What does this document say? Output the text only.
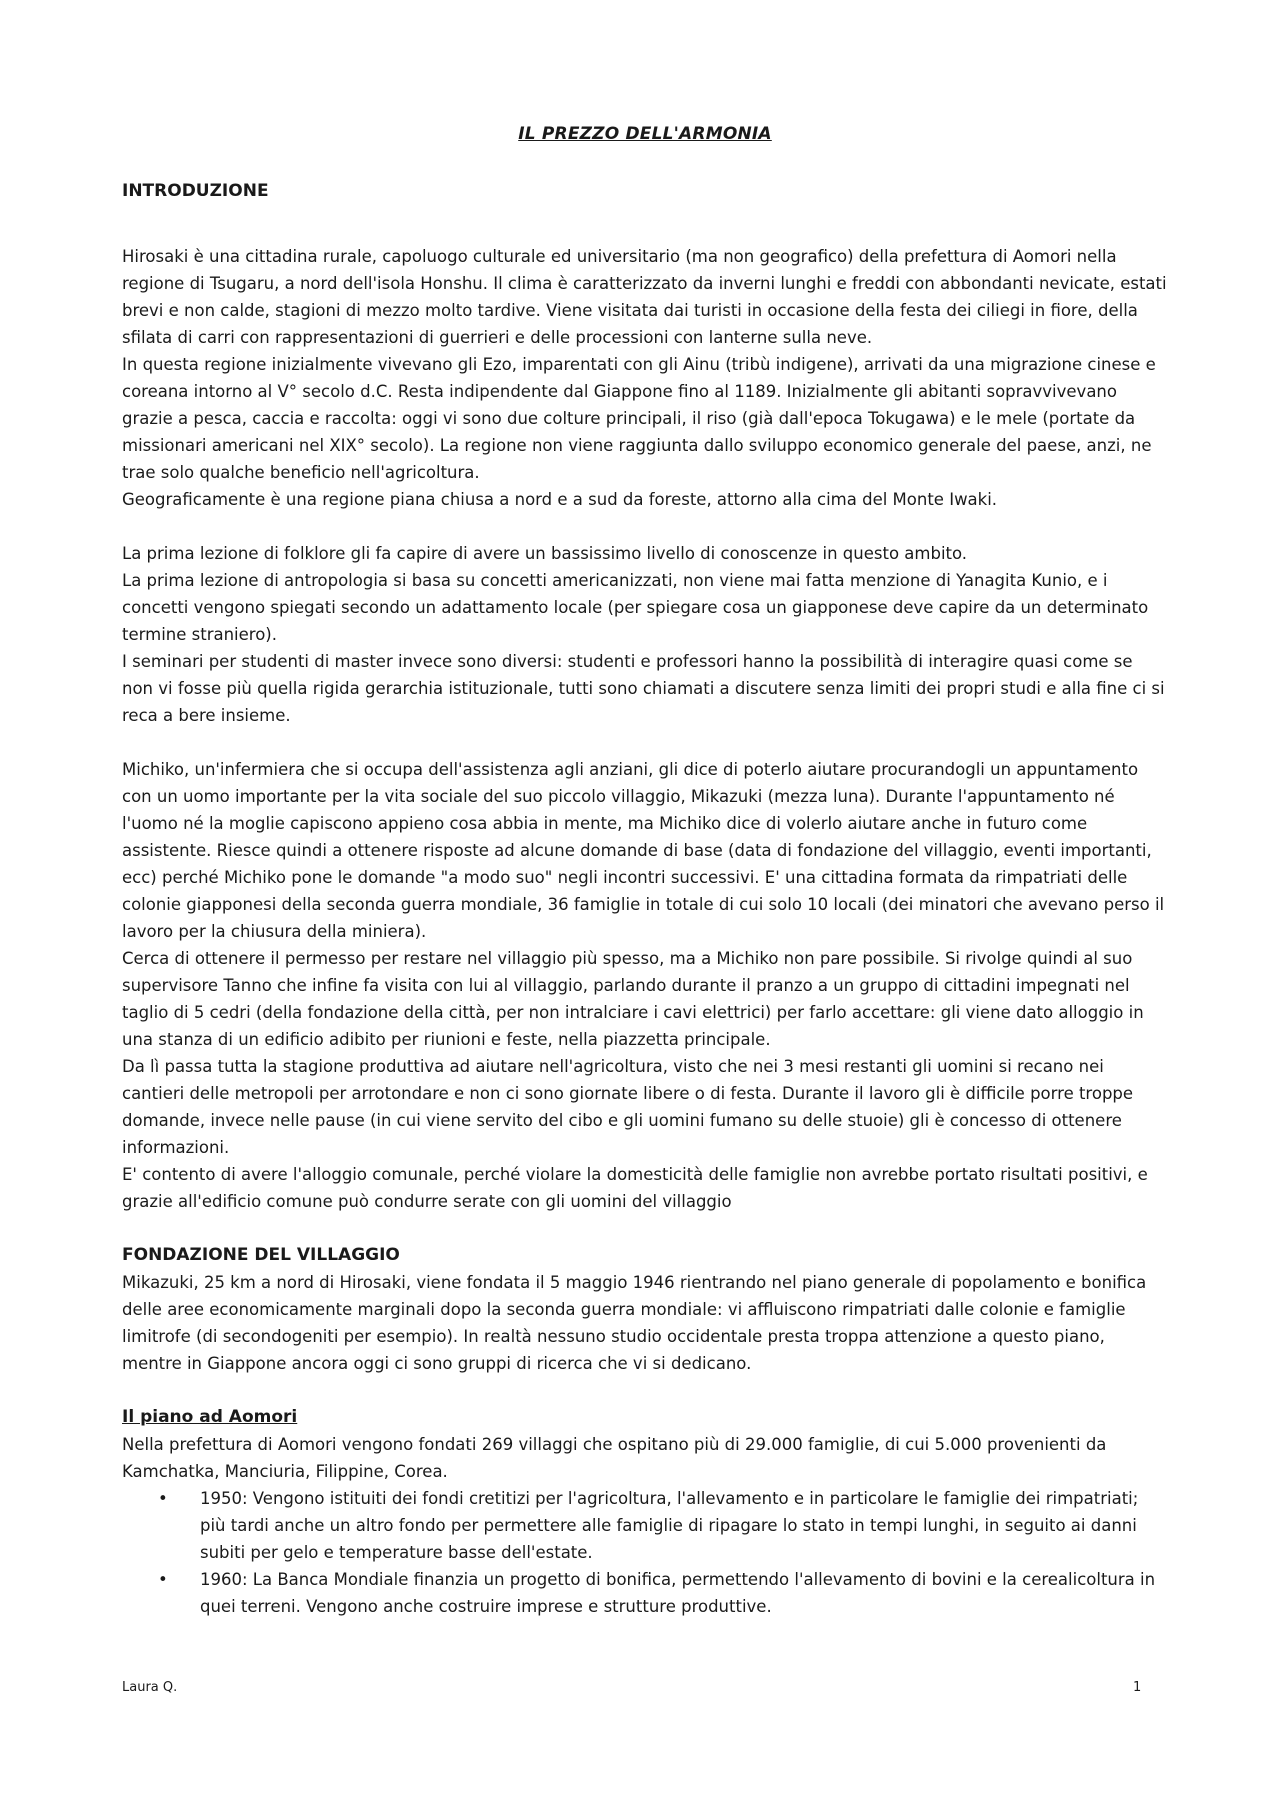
IL PREZZO DELL'ARMONIA

INTRODUZIONE

Hirosaki è una cittadina rurale, capoluogo culturale ed universitario (ma non geografico) della prefettura di Aomori nella regione di Tsugaru, a nord dell'isola Honshu. Il clima è caratterizzato da inverni lunghi e freddi con abbondanti nevicate, estati brevi e non calde, stagioni di mezzo molto tardive. Viene visitata dai turisti in occasione della festa dei ciliegi in fiore, della sfilata di carri con rappresentazioni di guerrieri e delle processioni con lanterne sulla neve.

In questa regione inizialmente vivevano gli Ezo, imparentati con gli Ainu (tribù indigene), arrivati da una migrazione cinese e coreana intorno al V° secolo d.C. Resta indipendente dal Giappone fino al 1189. Inizialmente gli abitanti sopravvivevano grazie a pesca, caccia e raccolta: oggi vi sono due colture principali, il riso (già dall'epoca Tokugawa) e le mele (portate da missionari americani nel XIX° secolo). La regione non viene raggiunta dallo sviluppo economico generale del paese, anzi, ne trae solo qualche beneficio nell'agricoltura.

Geograficamente è una regione piana chiusa a nord e a sud da foreste, attorno alla cima del Monte Iwaki.

La prima lezione di folklore gli fa capire di avere un bassissimo livello di conoscenze in questo ambito.

La prima lezione di antropologia si basa su concetti americanizzati, non viene mai fatta menzione di Yanagita Kunio, e i concetti vengono spiegati secondo un adattamento locale (per spiegare cosa un giapponese deve capire da un determinato termine straniero).

I seminari per studenti di master invece sono diversi: studenti e professori hanno la possibilità di interagire quasi come se non vi fosse più quella rigida gerarchia istituzionale, tutti sono chiamati a discutere senza limiti dei propri studi e alla fine ci si reca a bere insieme.

Michiko, un'infermiera che si occupa dell'assistenza agli anziani, gli dice di poterlo aiutare procurandogli un appuntamento con un uomo importante per la vita sociale del suo piccolo villaggio, Mikazuki (mezza luna). Durante l'appuntamento né l'uomo né la moglie capiscono appieno cosa abbia in mente, ma Michiko dice di volerlo aiutare anche in futuro come assistente. Riesce quindi a ottenere risposte ad alcune domande di base (data di fondazione del villaggio, eventi importanti, ecc) perché Michiko pone le domande "a modo suo" negli incontri successivi. E' una cittadina formata da rimpatriati delle colonie giapponesi della seconda guerra mondiale, 36 famiglie in totale di cui solo 10 locali (dei minatori che avevano perso il lavoro per la chiusura della miniera).

Cerca di ottenere il permesso per restare nel villaggio più spesso, ma a Michiko non pare possibile. Si rivolge quindi al suo supervisore Tanno che infine fa visita con lui al villaggio, parlando durante il pranzo a un gruppo di cittadini impegnati nel taglio di 5 cedri (della fondazione della città, per non intralciare i cavi elettrici) per farlo accettare: gli viene dato alloggio in una stanza di un edificio adibito per riunioni e feste, nella piazzetta principale.

Da lì passa tutta la stagione produttiva ad aiutare nell'agricoltura, visto che nei 3 mesi restanti gli uomini si recano nei cantieri delle metropoli per arrotondare e non ci sono giornate libere o di festa. Durante il lavoro gli è difficile porre troppe domande, invece nelle pause (in cui viene servito del cibo e gli uomini fumano su delle stuoie) gli è concesso di ottenere informazioni.

E' contento di avere l'alloggio comunale, perché violare la domesticità delle famiglie non avrebbe portato risultati positivi, e grazie all'edificio comune può condurre serate con gli uomini del villaggio

FONDAZIONE DEL VILLAGGIO

Mikazuki, 25 km a nord di Hirosaki, viene fondata il 5 maggio 1946 rientrando nel piano generale di popolamento e bonifica delle aree economicamente marginali dopo la seconda guerra mondiale: vi affluiscono rimpatriati dalle colonie e famiglie limitrofe (di secondogeniti per esempio). In realtà nessuno studio occidentale presta troppa attenzione a questo piano, mentre in Giappone ancora oggi ci sono gruppi di ricerca che vi si dedicano.

Il piano ad Aomori

Nella prefettura di Aomori vengono fondati 269 villaggi che ospitano più di 29.000 famiglie, di cui 5.000 provenienti da Kamchatka, Manciuria, Filippine, Corea.

• 1950: Vengono istituiti dei fondi cretitizi per l'agricoltura, l'allevamento e in particolare le famiglie dei rimpatriati; più tardi anche un altro fondo per permettere alle famiglie di ripagare lo stato in tempi lunghi, in seguito ai danni subiti per gelo e temperature basse dell'estate.
• 1960: La Banca Mondiale finanzia un progetto di bonifica, permettendo l'allevamento di bovini e la cerealicoltura in quei terreni. Vengono anche costruire imprese e strutture produttive.
Laura Q.	1
